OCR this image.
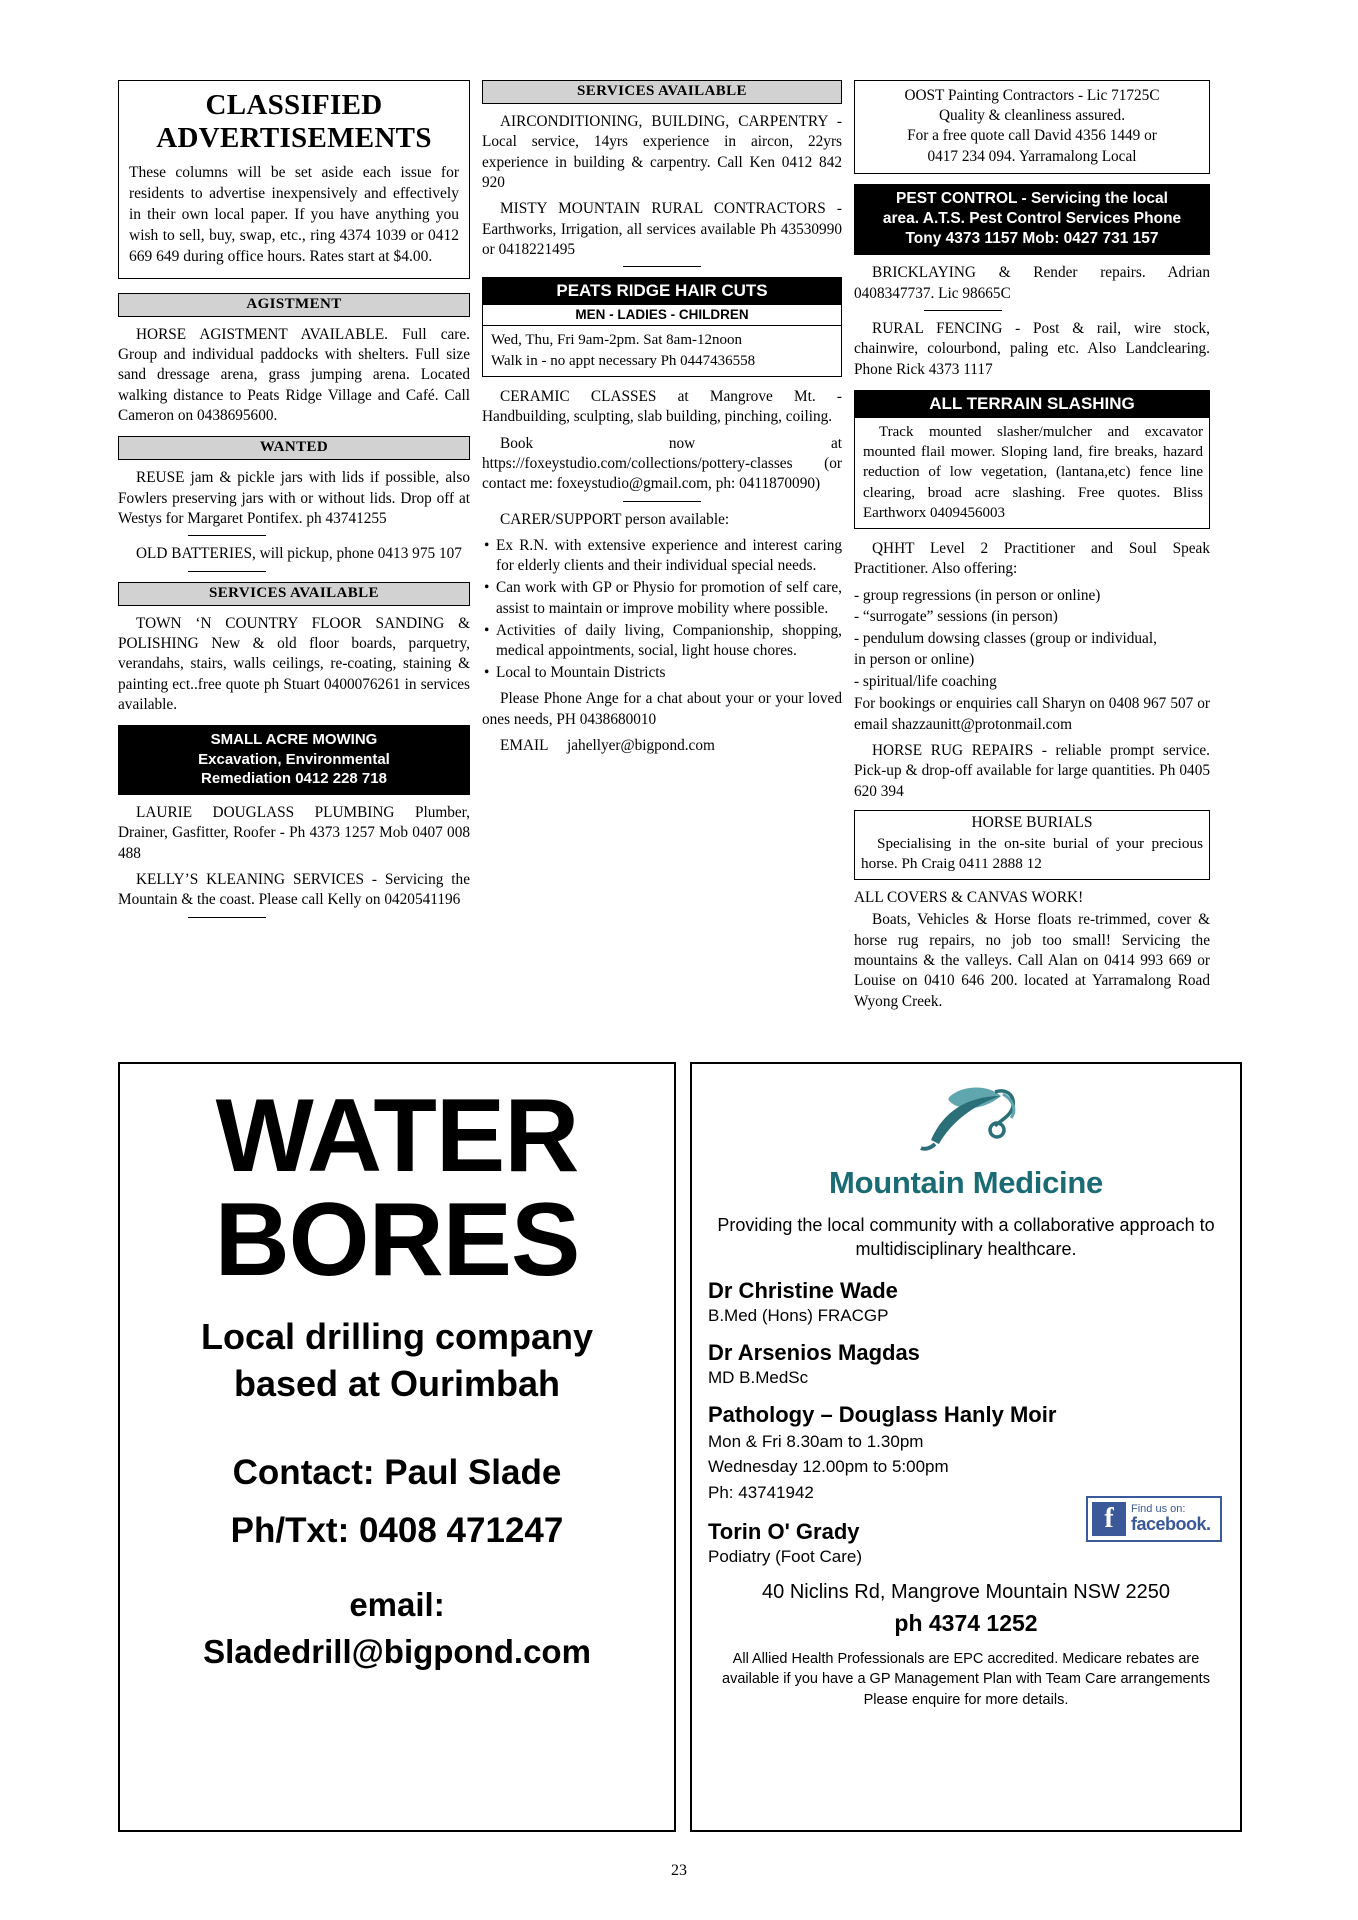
CLASSIFIED ADVERTISEMENTS

These columns will be set aside each issue for residents to advertise inexpensively and effectively in their own local paper. If you have anything you wish to sell, buy, swap, etc., ring 4374 1039 or 0412 669 649 during office hours. Rates start at $4.00.

AGISTMENT

HORSE AGISTMENT AVAILABLE. Full care. Group and individual paddocks with shelters. Full size sand dressage arena, grass jumping arena. Located walking distance to Peats Ridge Village and Café. Call Cameron on 0438695600.

WANTED

REUSE jam & pickle jars with lids if possible, also Fowlers preserving jars with or without lids. Drop off at Westys for Margaret Pontifex. ph 43741255

OLD BATTERIES, will pickup, phone 0413 975 107

SERVICES AVAILABLE

TOWN ‘N COUNTRY FLOOR SANDING & POLISHING New & old floor boards, parquetry, verandahs, stairs, walls ceilings, re-coating, staining & painting ect..free quote ph Stuart 0400076261 in services available.

SMALL ACRE MOWING
Excavation, Environmental
Remediation 0412 228 718

LAURIE DOUGLASS PLUMBING Plumber, Drainer, Gasfitter, Roofer - Ph 4373 1257 Mob 0407 008 488

KELLY’S KLEANING SERVICES - Servicing the Mountain & the coast. Please call Kelly on 0420541196

SERVICES AVAILABLE

AIRCONDITIONING, BUILDING, CARPENTRY - Local service, 14yrs experience in aircon, 22yrs experience in building & carpentry. Call Ken 0412 842 920

MISTY MOUNTAIN RURAL CONTRACTORS - Earthworks, Irrigation, all services available Ph 43530990 or 0418221495

PEATS RIDGE HAIR CUTS
MEN - LADIES - CHILDREN
Wed, Thu, Fri 9am-2pm. Sat 8am-12noon
Walk in - no appt necessary Ph 0447436558

CERAMIC CLASSES at Mangrove Mt. - Handbuilding, sculpting, slab building, pinching, coiling.

Book now at https://foxeystudio.com/collections/pottery-classes (or contact me: foxeystudio@gmail.com, ph: 0411870090)

CARER/SUPPORT person available:

• Ex R.N. with extensive experience and interest caring for elderly clients and their individual special needs.
• Can work with GP or Physio for promotion of self care, assist to maintain or improve mobility where possible.
• Activities of daily living, Companionship, shopping, medical appointments, social, light house chores.
• Local to Mountain Districts

Please Phone Ange for a chat about your or your loved ones needs, PH 0438680010

EMAIL jahellyer@bigpond.com

OOST Painting Contractors - Lic 71725C
Quality & cleanliness assured.
For a free quote call David 4356 1449 or
0417 234 094. Yarramalong Local
PEST CONTROL - Servicing the local
area. A.T.S. Pest Control Services Phone
Tony 4373 1157 Mob: 0427 731 157

BRICKLAYING & Render repairs. Adrian 0408347737. Lic 98665C

RURAL FENCING - Post & rail, wire stock, chainwire, colourbond, paling etc. Also Landclearing. Phone Rick 4373 1117

ALL TERRAIN SLASHING
Track mounted slasher/mulcher and excavator mounted flail mower. Sloping land, fire breaks, hazard reduction of low vegetation, (lantana,etc) fence line clearing, broad acre slashing. Free quotes. Bliss Earthworx 0409456003

QHHT Level 2 Practitioner and Soul Speak Practitioner. Also offering:

- group regressions (in person or online)
- “surrogate” sessions (in person)
- pendulum dowsing classes (group or individual,
in person or online)
- spiritual/life coaching

For bookings or enquiries call Sharyn on 0408 967 507 or email shazzaunitt@protonmail.com

HORSE RUG REPAIRS - reliable prompt service. Pick-up & drop-off available for large quantities. Ph 0405 620 394

HORSE BURIALS
Specialising in the on-site burial of your precious horse. Ph Craig 0411 2888 12

ALL COVERS & CANVAS WORK!

Boats, Vehicles & Horse floats re-trimmed, cover & horse rug repairs, no job too small! Servicing the mountains & the valleys. Call Alan on 0414 993 669 or Louise on 0410 646 200. located at Yarramalong Road Wyong Creek.

WATER
BORES
Local drilling company
based at Ourimbah
Contact: Paul Slade
Ph/Txt: 0408 471247
email:
Sladedrill@bigpond.com
Mountain Medicine
Providing the local community with a collaborative approach to multidisciplinary healthcare.
Dr Christine Wade
B.Med (Hons) FRACGP
Dr Arsenios Magdas
MD B.MedSc
Pathology – Douglass Hanly Moir
Mon & Fri 8.30am to 1.30pm
Wednesday 12.00pm to 5:00pm
Ph: 43741942
Torin O' Grady
Podiatry (Foot Care)
f	Find us on:
facebook.
40 Niclins Rd, Mangrove Mountain NSW 2250
ph 4374 1252
All Allied Health Professionals are EPC accredited. Medicare rebates are
available if you have a GP Management Plan with Team Care arrangements
Please enquire for more details.
23
